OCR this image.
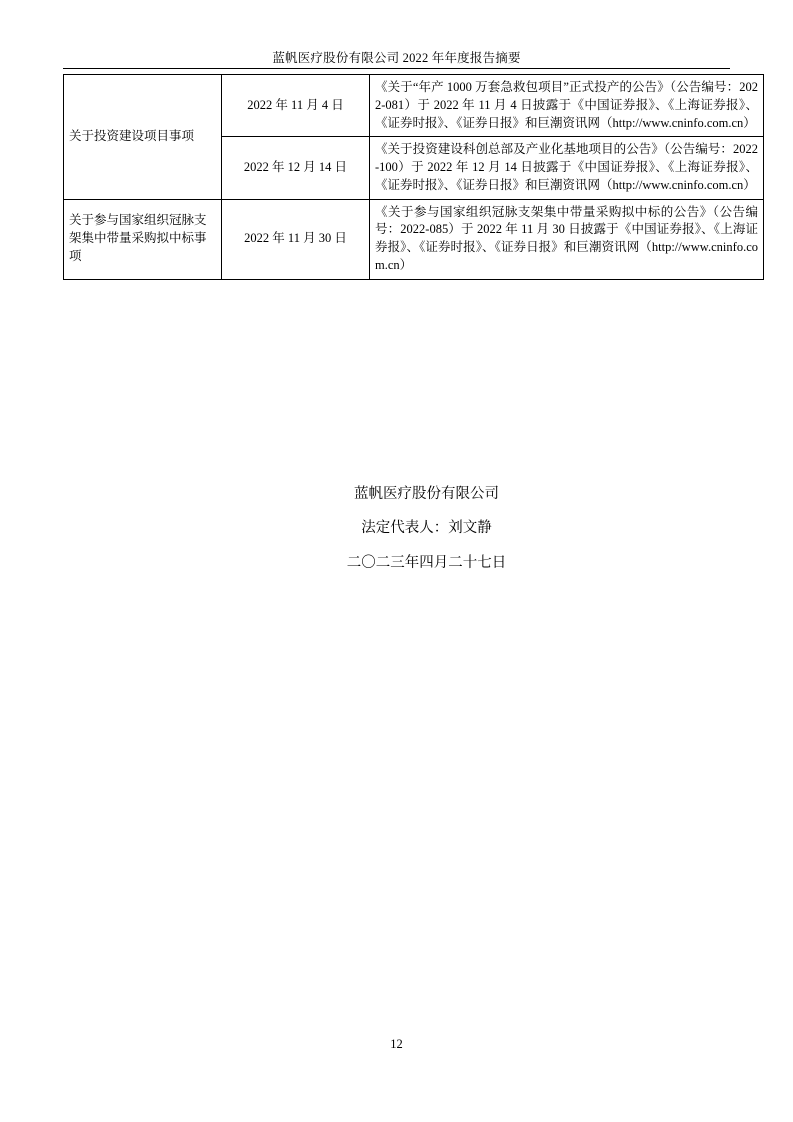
蓝帆医疗股份有限公司 2022 年年度报告摘要
关于投资建设项目事项	2022 年 11 月 4 日	《关于“年产 1000 万套急救包项目”正式投产的公告》（公告编号：2022-081）于 2022 年 11 月 4 日披露于《中国证券报》、《上海证券报》、《证券时报》、《证券日报》和巨潮资讯网（http://www.cninfo.com.cn）

	2022 年 12 月 14 日	《关于投资建设科创总部及产业化基地项目的公告》（公告编号：2022-100）于 2022 年 12 月 14 日披露于《中国证券报》、《上海证券报》、《证券时报》、《证券日报》和巨潮资讯网（http://www.cninfo.com.cn）

关于参与国家组织冠脉支架集中带量采购拟中标事项	2022 年 11 月 30 日	《关于参与国家组织冠脉支架集中带量采购拟中标的公告》（公告编号：2022-085）于 2022 年 11 月 30 日披露于《中国证券报》、《上海证券报》、《证券时报》、《证券日报》和巨潮资讯网（http://www.cninfo.com.cn）
蓝帆医疗股份有限公司
法定代表人：刘文静
二〇二三年四月二十七日
12
